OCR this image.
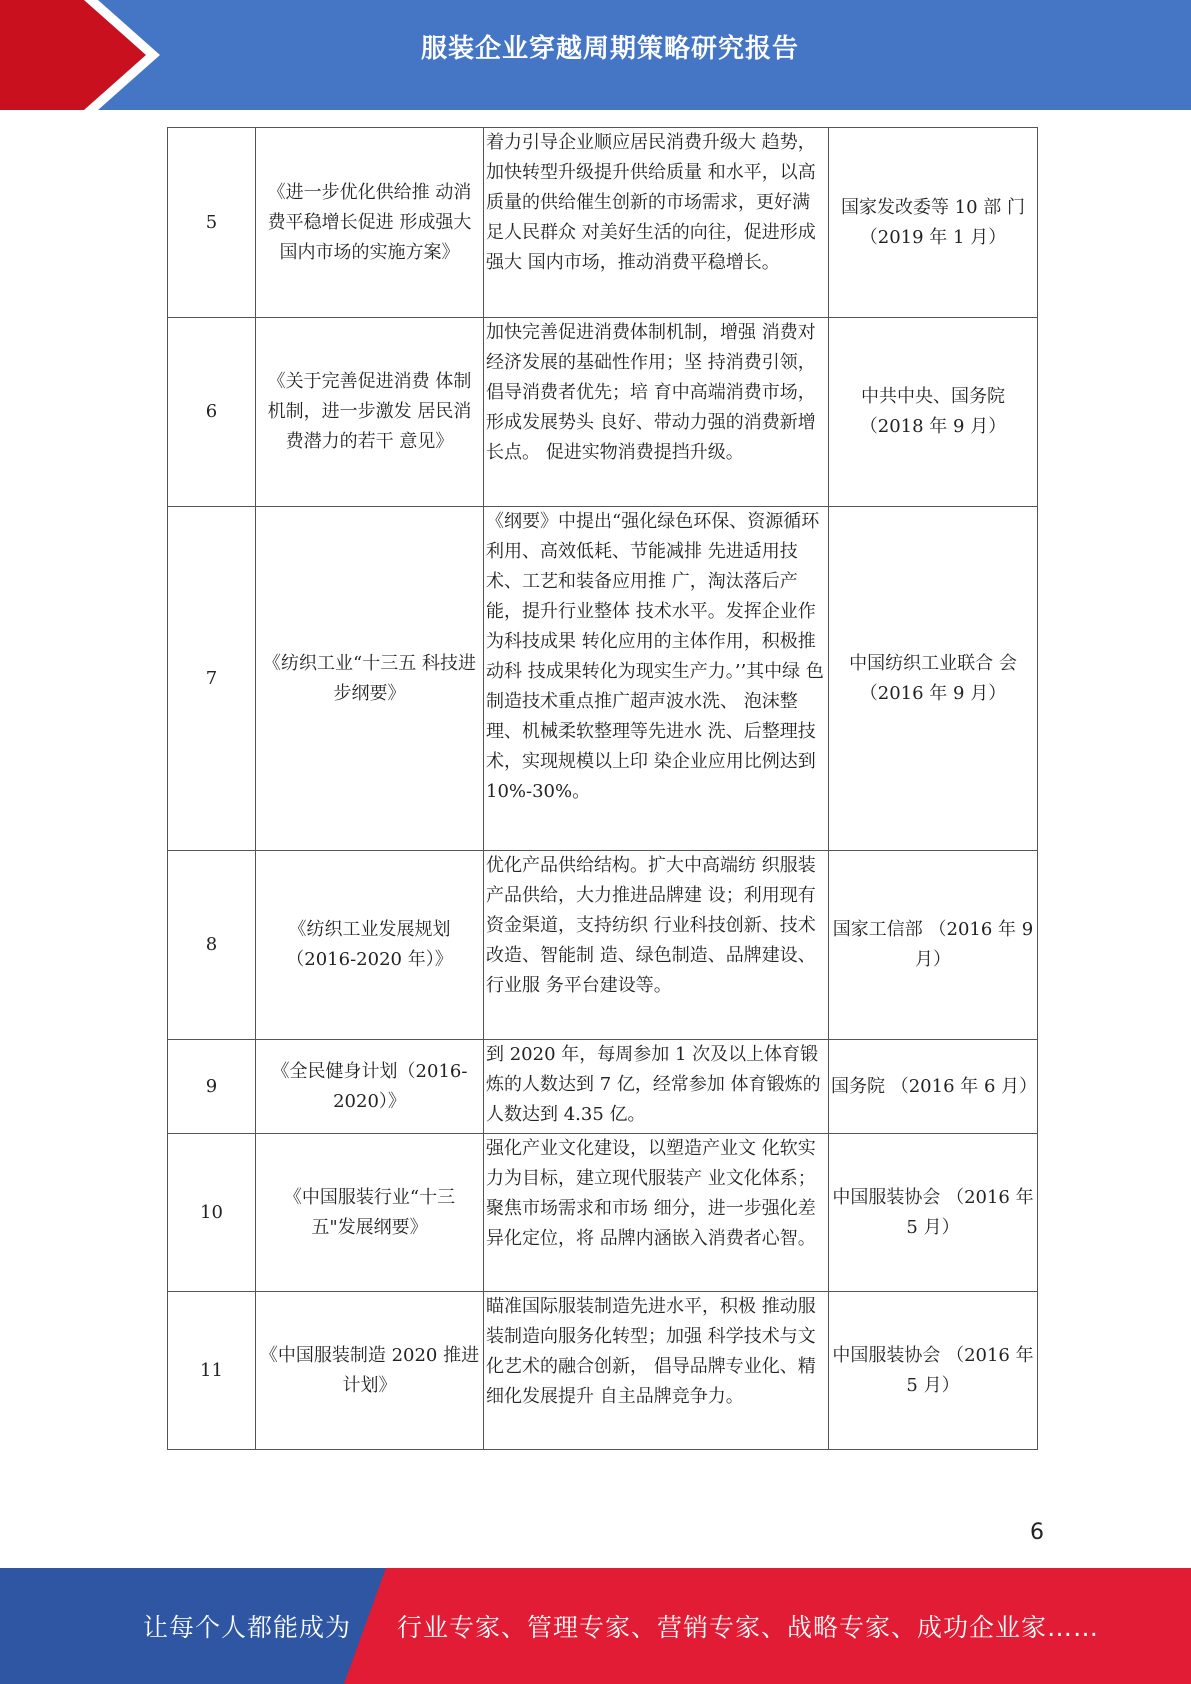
服装企业穿越周期策略研究报告
5	《进一步优化供给推 动消费平稳增长促进 形成强大国内市场的实施方案》	着力引导企业顺应居民消费升级大 趋势，加快转型升级提升供给质量 和水平，以高质量的供给催生创新的市场需求，更好满足人民群众 对美好生活的向往，促进形成强大 国内市场，推动消费平稳增长。	国家发改委等 10 部 门（2019 年 1 月）
6	《关于完善促进消费 体制机制，进一步激发 居民消费潜力的若干 意见》	加快完善促进消费体制机制，增强 消费对经济发展的基础性作用；坚 持消费引领，倡导消费者优先；培 育中高端消费市场，形成发展势头 良好、带动力强的消费新增长点。 促进实物消费提挡升级。	中共中央、国务院（2018 年 9 月）
7	《纺织工业“十三五 科技进步纲要》	《纲要》中提出“强化绿色环保、资源循环利用、高效低耗、节能减排 先进适用技术、工艺和装备应用推 广，淘汰落后产能，提升行业整体 技术水平。发挥企业作为科技成果 转化应用的主体作用，积极推动科 技成果转化为现实生产力。’’其中绿 色制造技术重点推广超声波水洗、 泡沫整理、机械柔软整理等先进水 洗、后整理技术，实现规模以上印 染企业应用比例达到 10%-30%。	中国纺织工业联合 会（2016 年 9 月）
8	《纺织工业发展规划（2016-2020 年）》	优化产品供给结构。扩大中高端纺 织服装产品供给，大力推进品牌建 设；利用现有资金渠道，支持纺织 行业科技创新、技术改造、智能制 造、绿色制造、品牌建设、行业服 务平台建设等。	国家工信部 （2016 年 9 月）
9	《全民健身计划（2016-2020）》	到 2020 年，每周参加 1 次及以上体育锻炼的人数达到 7 亿，经常参加 体育锻炼的人数达到 4.35 亿。	国务院 （2016 年 6 月）
10	《中国服装行业“十三 五"发展纲要》	强化产业文化建设，以塑造产业文 化软实力为目标，建立现代服装产 业文化体系；聚焦市场需求和市场 细分，进一步强化差异化定位，将 品牌内涵嵌入消费者心智。	中国服装协会 （2016 年 5 月）
11	《中国服装制造 2020 推进计划》	瞄准国际服装制造先进水平，积极 推动服装制造向服务化转型；加强 科学技术与文化艺术的融合创新， 倡导品牌专业化、精细化发展提升 自主品牌竞争力。	中国服装协会 （2016 年 5 月）
6
让每个人都能成为 行业专家、管理专家、营销专家、战略专家、成功企业家……
